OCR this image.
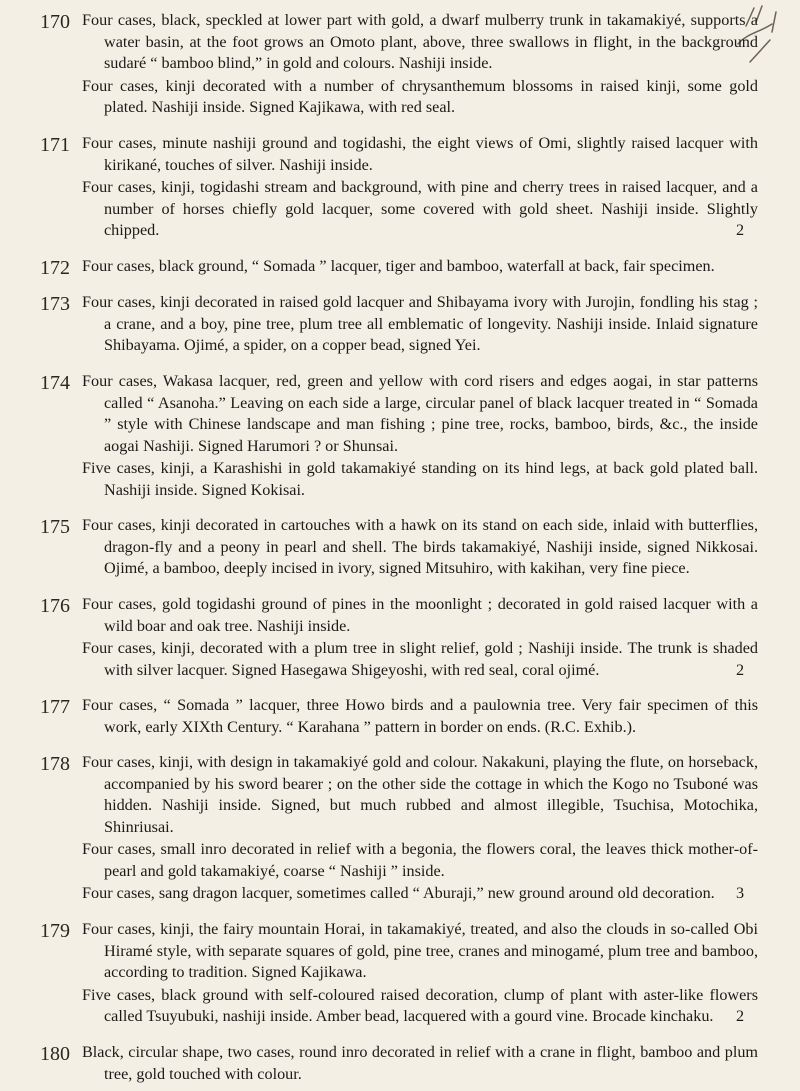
170 Four cases, black, speckled at lower part with gold, a dwarf mulberry trunk in takamakiyé, supports a water basin, at the foot grows an Omoto plant, above, three swallows in flight, in the background sudaré “ bamboo blind,” in gold and colours. Nashiji inside.

Four cases, kinji decorated with a number of chrysanthemum blossoms in raised kinji, some gold plated. Nashiji inside. Signed Kajikawa, with red seal.

171 Four cases, minute nashiji ground and togidashi, the eight views of Omi, slightly raised lacquer with kirikané, touches of silver. Nashiji inside.

Four cases, kinji, togidashi stream and background, with pine and cherry trees in raised lacquer, and a number of horses chiefly gold lacquer, some covered with gold sheet. Nashiji inside. Slightly chipped.	2

172 Four cases, black ground, “ Somada ” lacquer, tiger and bamboo, waterfall at back, fair specimen.

173 Four cases, kinji decorated in raised gold lacquer and Shibayama ivory with Jurojin, fondling his stag ; a crane, and a boy, pine tree, plum tree all emblematic of longevity. Nashiji inside. Inlaid signature Shibayama. Ojimé, a spider, on a copper bead, signed Yei.

174 Four cases, Wakasa lacquer, red, green and yellow with cord risers and edges aogai, in star patterns called “ Asanoha.” Leaving on each side a large, circular panel of black lacquer treated in “ Somada ” style with Chinese landscape and man fishing ; pine tree, rocks, bamboo, birds, &c., the inside aogai Nashiji. Signed Harumori ? or Shunsai.

Five cases, kinji, a Karashishi in gold takamakiyé standing on its hind legs, at back gold plated ball. Nashiji inside. Signed Kokisai.

175 Four cases, kinji decorated in cartouches with a hawk on its stand on each side, inlaid with butterflies, dragon-fly and a peony in pearl and shell. The birds takamakiyé, Nashiji inside, signed Nikkosai. Ojimé, a bamboo, deeply incised in ivory, signed Mitsuhiro, with kakihan, very fine piece.

176 Four cases, gold togidashi ground of pines in the moonlight ; decorated in gold raised lacquer with a wild boar and oak tree. Nashiji inside.

Four cases, kinji, decorated with a plum tree in slight relief, gold ; Nashiji inside. The trunk is shaded with silver lacquer. Signed Hasegawa Shigeyoshi, with red seal, coral ojimé.	2

177 Four cases, “ Somada ” lacquer, three Howo birds and a paulownia tree. Very fair specimen of this work, early XIXth Century. “ Karahana ” pattern in border on ends. (R.C. Exhib.).

178 Four cases, kinji, with design in takamakiyé gold and colour. Nakakuni, playing the flute, on horseback, accompanied by his sword bearer ; on the other side the cottage in which the Kogo no Tsuboné was hidden. Nashiji inside. Signed, but much rubbed and almost illegible, Tsuchisa, Motochika, Shinriusai.

Four cases, small inro decorated in relief with a begonia, the flowers coral, the leaves thick mother-of-pearl and gold takamakiyé, coarse “ Nashiji ” inside.

Four cases, sang dragon lacquer, sometimes called “ Aburaji,” new ground around old decoration. 3

179 Four cases, kinji, the fairy mountain Horai, in takamakiyé, treated, and also the clouds in so-called Obi Hiramé style, with separate squares of gold, pine tree, cranes and minogamé, plum tree and bamboo, according to tradition. Signed Kajikawa.

Five cases, black ground with self-coloured raised decoration, clump of plant with aster-like flowers called Tsuyubuki, nashiji inside. Amber bead, lacquered with a gourd vine. Brocade kinchaku. 2

180 Black, circular shape, two cases, round inro decorated in relief with a crane in flight, bamboo and plum tree, gold touched with colour.
